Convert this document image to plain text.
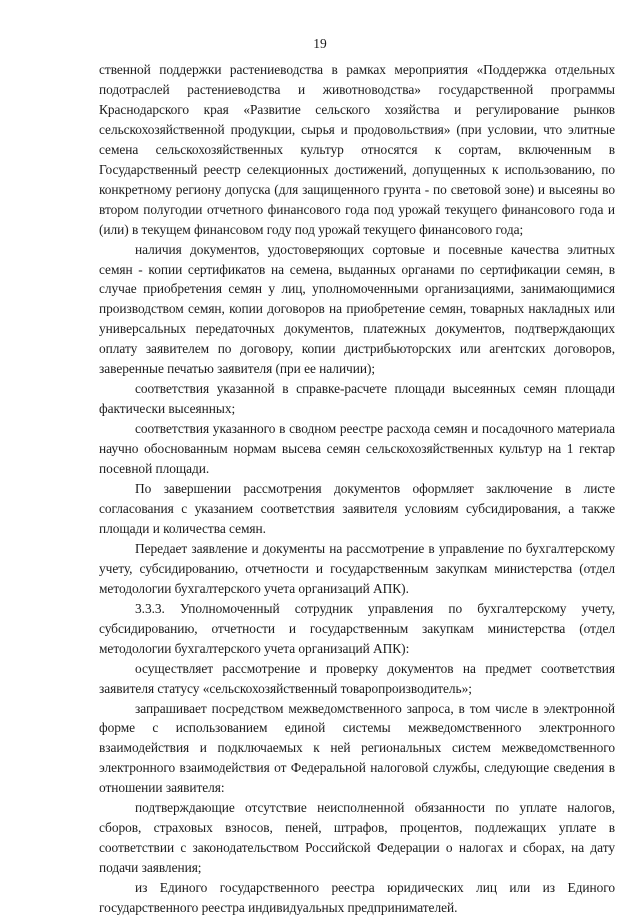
19

ственной поддержки растениеводства в рамках мероприятия «Поддержка отдельных подотраслей растениеводства и животноводства» государственной программы Краснодарского края «Развитие сельского хозяйства и регулирование рынков сельскохозяйственной продукции, сырья и продовольствия» (при условии, что элитные семена сельскохозяйственных культур относятся к сортам, включенным в Государственный реестр селекционных достижений, допущенных к использованию, по конкретному региону допуска (для защищенного грунта - по световой зоне) и высеяны во втором полугодии отчетного финансового года под урожай текущего финансового года и (или) в текущем финансовом году под урожай текущего финансового года;

наличия документов, удостоверяющих сортовые и посевные качества элитных семян - копии сертификатов на семена, выданных органами по сертификации семян, в случае приобретения семян у лиц, уполномоченными организациями, занимающимися производством семян, копии договоров на приобретение семян, товарных накладных или универсальных передаточных документов, платежных документов, подтверждающих оплату заявителем по договору, копии дистрибьюторских или агентских договоров, заверенные печатью заявителя (при ее наличии);

соответствия указанной в справке-расчете площади высеянных семян площади фактически высеянных;

соответствия указанного в сводном реестре расхода семян и посадочного материала научно обоснованным нормам высева семян сельскохозяйственных культур на 1 гектар посевной площади.

По завершении рассмотрения документов оформляет заключение в листе согласования с указанием соответствия заявителя условиям субсидирования, а также площади и количества семян.

Передает заявление и документы на рассмотрение в управление по бухгалтерскому учету, субсидированию, отчетности и государственным закупкам министерства (отдел методологии бухгалтерского учета организаций АПК).

3.3.3. Уполномоченный сотрудник управления по бухгалтерскому учету, субсидированию, отчетности и государственным закупкам министерства (отдел методологии бухгалтерского учета организаций АПК):

осуществляет рассмотрение и проверку документов на предмет соответствия заявителя статусу «сельскохозяйственный товаропроизводитель»;

запрашивает посредством межведомственного запроса, в том числе в электронной форме с использованием единой системы межведомственного электронного взаимодействия и подключаемых к ней региональных систем межведомственного электронного взаимодействия от Федеральной налоговой службы, следующие сведения в отношении заявителя:

подтверждающие отсутствие неисполненной обязанности по уплате налогов, сборов, страховых взносов, пеней, штрафов, процентов, подлежащих уплате в соответствии с законодательством Российской Федерации о налогах и сборах, на дату подачи заявления;

из Единого государственного реестра юридических лиц или из Единого государственного реестра индивидуальных предпринимателей.
